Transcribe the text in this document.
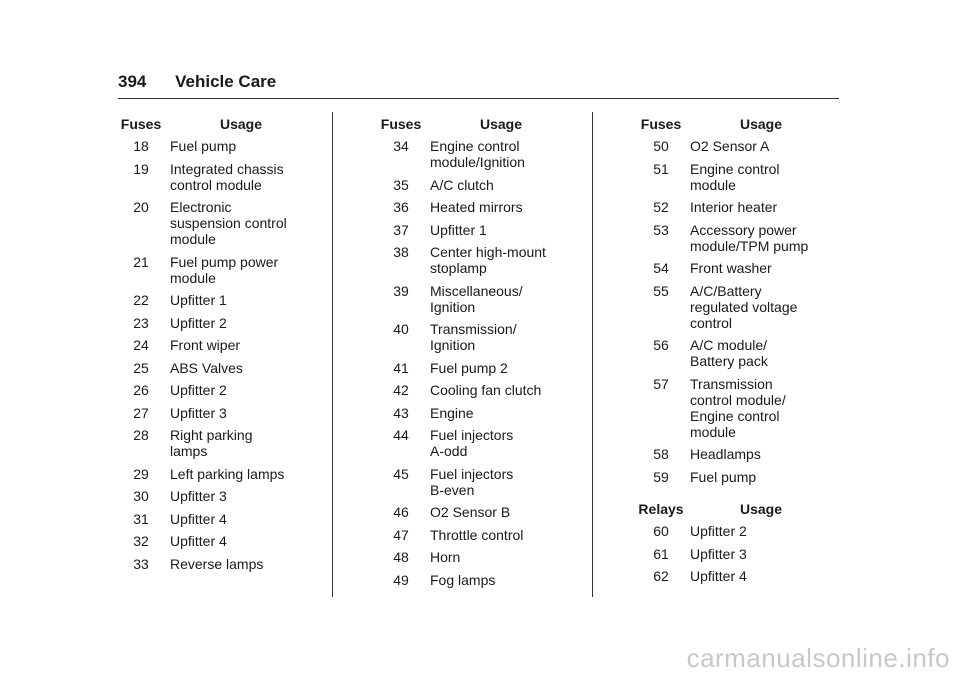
394 Vehicle Care
Fuses	Usage
18	Fuel pump
19	Integrated chassis
control module
20	Electronic
suspension control
module
21	Fuel pump power
module
22	Upfitter 1
23	Upfitter 2
24	Front wiper
25	ABS Valves
26	Upfitter 2
27	Upfitter 3
28	Right parking
lamps
29	Left parking lamps
30	Upfitter 3
31	Upfitter 4
32	Upfitter 4
33	Reverse lamps
Fuses	Usage
34	Engine control
module/Ignition
35	A/C clutch
36	Heated mirrors
37	Upfitter 1
38	Center high-mount
stoplamp
39	Miscellaneous/
Ignition
40	Transmission/
Ignition
41	Fuel pump 2
42	Cooling fan clutch
43	Engine
44	Fuel injectors
A-odd
45	Fuel injectors
B-even
46	O2 Sensor B
47	Throttle control
48	Horn
49	Fog lamps
Fuses	Usage
50	O2 Sensor A
51	Engine control
module
52	Interior heater
53	Accessory power
module/TPM pump
54	Front washer
55	A/C/Battery
regulated voltage
control
56	A/C module/
Battery pack
57	Transmission
control module/
Engine control
module
58	Headlamps
59	Fuel pump

Relays	Usage
60	Upfitter 2
61	Upfitter 3
62	Upfitter 4
carmanualsonline.info
